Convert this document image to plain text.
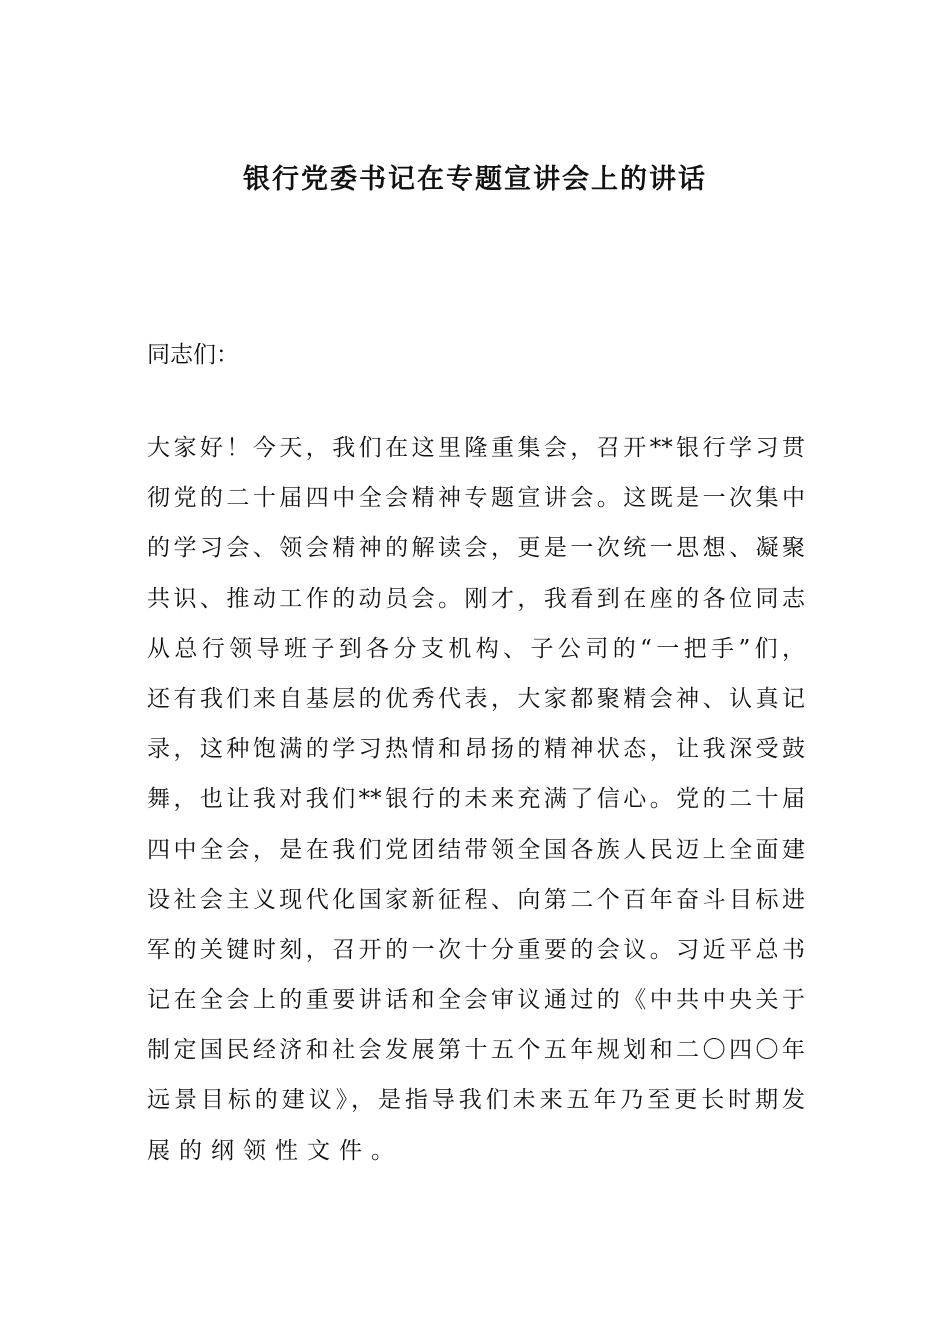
银行党委书记在专题宣讲会上的讲话
同志们：
大家好！今天，我们在这里隆重集会，召开**银行学习贯
彻党的二十届四中全会精神专题宣讲会。这既是一次集中
的学习会、领会精神的解读会，更是一次统一思想、凝聚
共识、推动工作的动员会。刚才，我看到在座的各位同志
从总行领导班子到各分支机构、子公司的“一把手”们，
还有我们来自基层的优秀代表，大家都聚精会神、认真记
录，这种饱满的学习热情和昂扬的精神状态，让我深受鼓
舞，也让我对我们**银行的未来充满了信心。党的二十届
四中全会，是在我们党团结带领全国各族人民迈上全面建
设社会主义现代化国家新征程、向第二个百年奋斗目标进
军的关键时刻，召开的一次十分重要的会议。习近平总书
记在全会上的重要讲话和全会审议通过的《中共中央关于
制定国民经济和社会发展第十五个五年规划和二〇四〇年
远景目标的建议》，是指导我们未来五年乃至更长时期发
展的纲领性文件。
